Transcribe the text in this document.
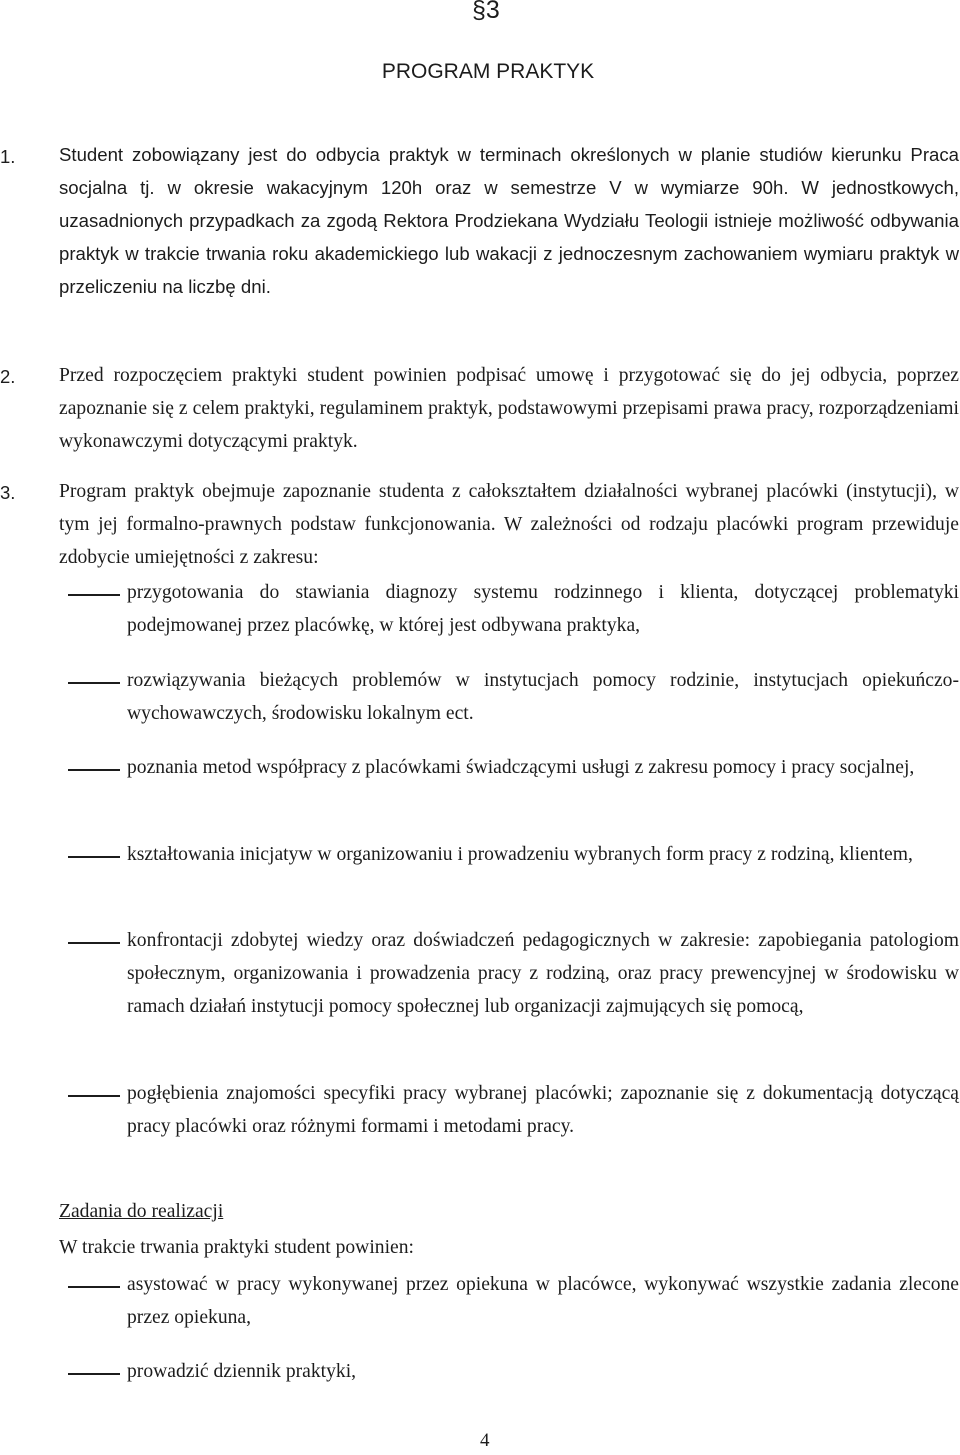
§3
PROGRAM PRAKTYK
1. Student zobowiązany jest do odbycia praktyk w terminach określonych w planie studiów kierunku Praca socjalna tj. w okresie wakacyjnym 120h oraz w semestrze V w wymiarze 90h. W jednostkowych, uzasadnionych przypadkach za zgodą Rektora Prodziekana Wydziału Teologii istnieje możliwość odbywania praktyk w trakcie trwania roku akademickiego lub wakacji z jednoczesnym zachowaniem wymiaru praktyk w przeliczeniu na liczbę dni.
2. Przed rozpoczęciem praktyki student powinien podpisać umowę i przygotować się do jej odbycia, poprzez zapoznanie się z celem praktyki, regulaminem praktyk, podstawowymi przepisami prawa pracy, rozporządzeniami wykonawczymi dotyczącymi praktyk.
3. Program praktyk obejmuje zapoznanie studenta z całokształtem działalności wybranej placówki (instytucji), w tym jej formalno-prawnych podstaw funkcjonowania. W zależności od rodzaju placówki program przewiduje zdobycie umiejętności z zakresu:
przygotowania do stawiania diagnozy systemu rodzinnego i klienta, dotyczącej problematyki podejmowanej przez placówkę, w której jest odbywana praktyka,
rozwiązywania bieżących problemów w instytucjach pomocy rodzinie, instytucjach opiekuńczo-wychowawczych, środowisku lokalnym ect.
poznania metod współpracy z placówkami świadczącymi usługi z zakresu pomocy i pracy socjalnej,
kształtowania inicjatyw w organizowaniu i prowadzeniu wybranych form pracy z rodziną, klientem,
konfrontacji zdobytej wiedzy oraz doświadczeń pedagogicznych w zakresie: zapobiegania patologiom społecznym, organizowania i prowadzenia pracy z rodziną, oraz pracy prewencyjnej w środowisku w ramach działań instytucji pomocy społecznej lub organizacji zajmujących się pomocą,
pogłębienia znajomości specyfiki pracy wybranej placówki; zapoznanie się z dokumentacją dotyczącą pracy placówki oraz różnymi formami i metodami pracy.
Zadania do realizacji
W trakcie trwania praktyki student powinien:
asystować w pracy wykonywanej przez opiekuna w placówce, wykonywać wszystkie zadania zlecone przez opiekuna,
prowadzić dziennik praktyki,
4
